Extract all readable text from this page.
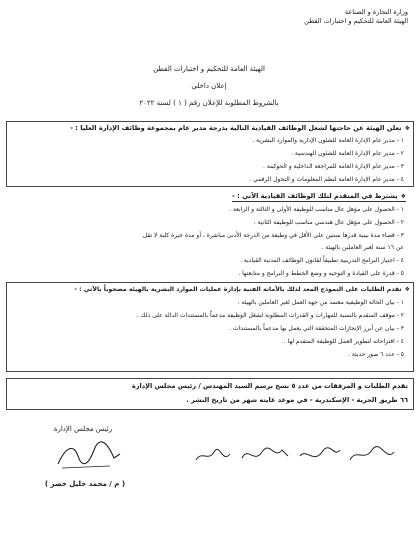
وزارة التجارة و الصناعة
الهيئة العامة للتحكيم و اختبارات القطن
الهيئة العامة للتحكيم و اختبارات القطن
إعلان داخلي
بالشروط المطلوبة للإعلان رقم ( ١ ) لسنة ٢٠٢٢
❖تعلن الهيئة عن حاجتها لشغل الوظائف القيادية التالية بدرجة مدير عام بمجموعة وظائف الإدارة العليا : -
١ - مدير عام الإدارة العامة للشئون الإدارية والموارد البشرية .
٢ - مدير عام الإدارة العامة للشئون الهندسية .
٣ - مدير عام الإدارة العامة للمراجعة الداخلية و الحوكمة .
٤ - مدير عام الإدارة العامة لنظم المعلومات و التحول الرقمي .
❖يشترط في المتقدم لتلك الوظائف القيادية الآتي : -
١ - الحصول على مؤهل عال مناسب للوظيفة الأولى و الثالثة و الرابعة .
٢ - الحصول على مؤهل عال هندسي مناسب للوظيفة الثانية .
٣ - قضاء مدة بينية قدرها سنتين على الأقل في وظيفة من الدرجة الأدنى مباشرة ، أو مدة خبرة كلية لا تقل
عن ١٦ سنة لغير العاملين بالهيئة .
٤ - اجتياز البرامج التدريبية تطبيقاً لقانون الوظائف المدنية القيادية .
٥ - قدرة على القيادة و التوجيه و وضع الخطط و البرامج و متابعتها .
❖تقدم الطلبات على النموذج المعد لذلك بالأمانة الفنية بإدارة عمليات الموارد البشرية بالهيئة مصحوباً بالآتي : -
١ - بيان الحالة الوظيفية معتمد من جهة العمل لغير العاملين بالهيئة .
٢ - موقف المتقدم بالنسبة للمهارات و القدرات المطلوبة لشغل الوظيفة مدعماً بالمستندات الدالة على ذلك .
٣ - بيان عن أبرز الإنجازات المتحققة التي يعمل بها مدعماً بالمستندات .
٤ - اقتراحاته لتطوير العمل للوظيفة المتقدم لها .
٥ - عدد ٦ صور حديثة .
تقدم الطلبات و المرفقات من عدد ٥ نسخ برسم السيد المهندس / رئيس مجلس الإدارة
٦٦ طريق الحرية - الإسكندرية - في موعد غايته شهر من تاريخ النشر .
رئيس مجلس الإدارة
( م / محمد خليل خضر )
